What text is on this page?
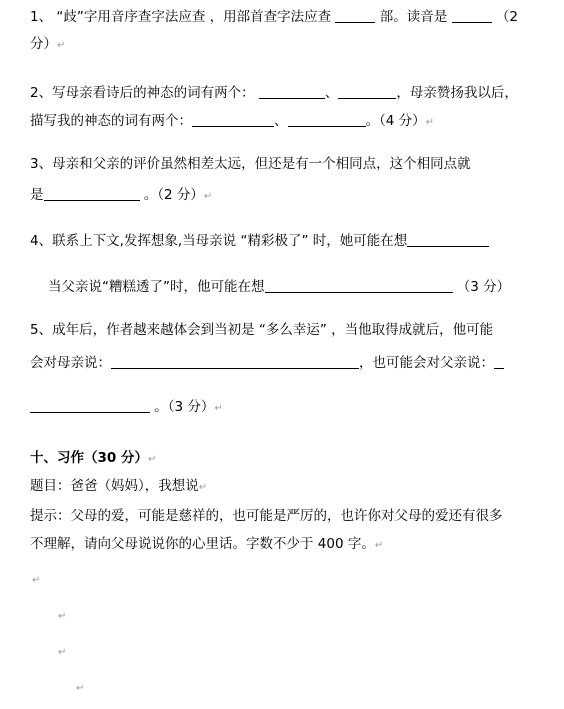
1、 “歧”字用音序查字法应查 ，用部首查字法应查	部。读音是	（2
分）↵
2、写母亲看诗后的神态的词有两个：	、	，母亲赞扬我以后，
描写我的神态的词有两个：	、	。（4 分）↵
3、母亲和父亲的评价虽然相差太远，但还是有一个相同点，这个相同点就
是	。（2 分）↵
4、联系上下文,发挥想象,当母亲说 “精彩极了” 时，她可能在想
当父亲说“糟糕透了”时，他可能在想	（3 分）
5、成年后，作者越来越体会到当初是 “多么幸运” ，当他取得成就后，他可能
会对母亲说：	，也可能会对父亲说：
。（3 分）↵
十、习作（30 分）↵
题目：爸爸（妈妈），我想说↵
提示：父母的爱，可能是慈祥的，也可能是严厉的，也许你对父母的爱还有很多
不理解，请向父母说说你的心里话。字数不少于 400 字。↵
↵
↵
↵
↵
